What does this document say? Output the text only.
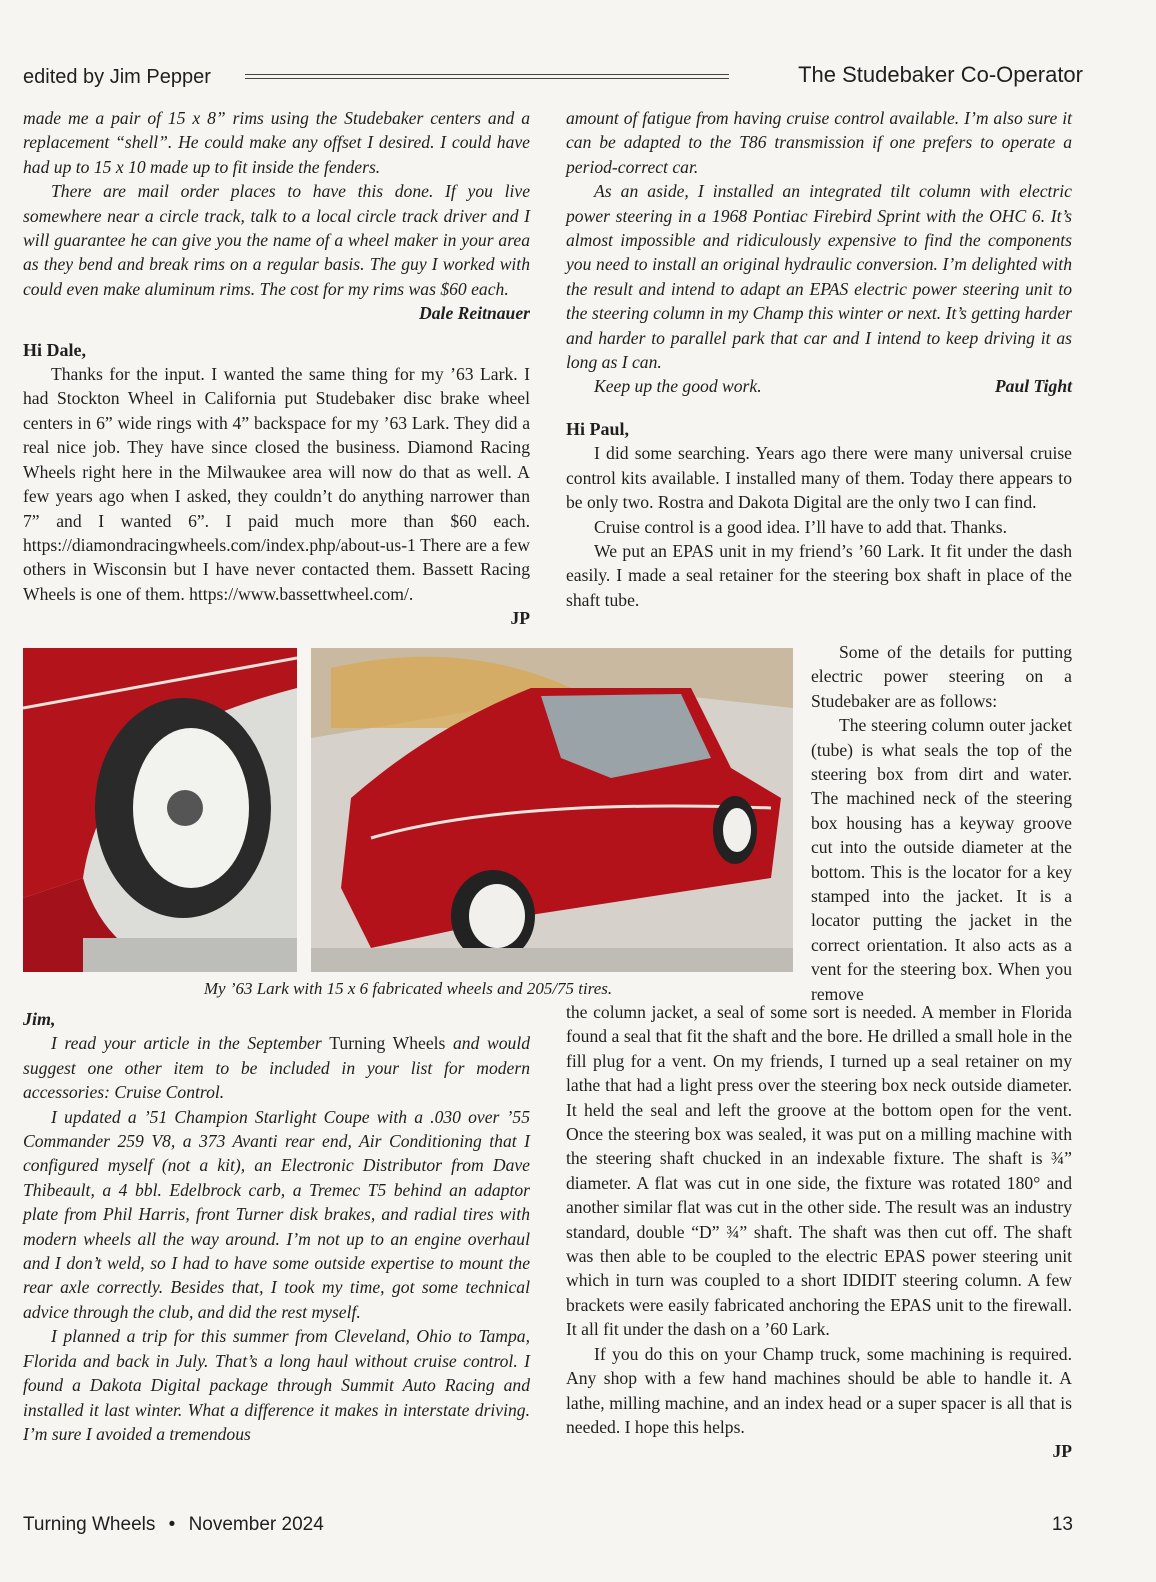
edited by Jim Pepper	The Studebaker Co-Operator

made me a pair of 15 x 8” rims using the Studebaker centers and a replacement “shell”. He could make any offset I desired. I could have had up to 15 x 10 made up to fit inside the fenders.

There are mail order places to have this done. If you live somewhere near a circle track, talk to a local circle track driver and I will guarantee he can give you the name of a wheel maker in your area as they bend and break rims on a regular basis. The guy I worked with could even make aluminum rims. The cost for my rims was $60 each.

Dale Reitnauer

Hi Dale,

Thanks for the input. I wanted the same thing for my ’63 Lark. I had Stockton Wheel in California put Studebaker disc brake wheel centers in 6” wide rings with 4” backspace for my ’63 Lark. They did a real nice job. They have since closed the business. Diamond Racing Wheels right here in the Milwaukee area will now do that as well. A few years ago when I asked, they couldn’t do anything narrower than 7” and I wanted 6”. I paid much more than $60 each. https://diamondracingwheels.com/index.php/about-us-1 There are a few others in Wisconsin but I have never contacted them. Bassett Racing Wheels is one of them. https://www.bassettwheel.com/.

JP

amount of fatigue from having cruise control available. I’m also sure it can be adapted to the T86 transmission if one prefers to operate a period-correct car.

As an aside, I installed an integrated tilt column with electric power steering in a 1968 Pontiac Firebird Sprint with the OHC 6. It’s almost impossible and ridiculously expensive to find the components you need to install an original hydraulic conversion. I’m delighted with the result and intend to adapt an EPAS electric power steering unit to the steering column in my Champ this winter or next. It’s getting harder and harder to parallel park that car and I intend to keep driving it as long as I can.

Keep up the good work.	Paul Tight

Hi Paul,

I did some searching. Years ago there were many universal cruise control kits available. I installed many of them. Today there appears to be only two. Rostra and Dakota Digital are the only two I can find.

Cruise control is a good idea. I’ll have to add that. Thanks.

We put an EPAS unit in my friend’s ’60 Lark. It fit under the dash easily. I made a seal retainer for the steering box shaft in place of the shaft tube.

Some of the details for putting electric power steering on a Studebaker are as follows:

The steering column outer jacket (tube) is what seals the top of the steering box from dirt and water. The machined neck of the steering box housing has a keyway groove cut into the outside diameter at the bottom. This is the locator for a key stamped into the jacket. It is a locator putting the jacket in the correct orientation. It also acts as a vent for the steering box. When you remove

My ’63 Lark with 15 x 6 fabricated wheels and 205/75 tires.

Jim,

I read your article in the September Turning Wheels and would suggest one other item to be included in your list for modern accessories: Cruise Control.

I updated a ’51 Champion Starlight Coupe with a .030 over ’55 Commander 259 V8, a 373 Avanti rear end, Air Conditioning that I configured myself (not a kit), an Electronic Distributor from Dave Thibeault, a 4 bbl. Edelbrock carb, a Tremec T5 behind an adaptor plate from Phil Harris, front Turner disk brakes, and radial tires with modern wheels all the way around. I’m not up to an engine overhaul and I don’t weld, so I had to have some outside expertise to mount the rear axle correctly. Besides that, I took my time, got some technical advice through the club, and did the rest myself.

I planned a trip for this summer from Cleveland, Ohio to Tampa, Florida and back in July. That’s a long haul without cruise control. I found a Dakota Digital package through Summit Auto Racing and installed it last winter. What a difference it makes in interstate driving. I’m sure I avoided a tremendous

the column jacket, a seal of some sort is needed. A member in Florida found a seal that fit the shaft and the bore. He drilled a small hole in the fill plug for a vent. On my friends, I turned up a seal retainer on my lathe that had a light press over the steering box neck outside diameter. It held the seal and left the groove at the bottom open for the vent. Once the steering box was sealed, it was put on a milling machine with the steering shaft chucked in an indexable fixture. The shaft is ¾” diameter. A flat was cut in one side, the fixture was rotated 180° and another similar flat was cut in the other side. The result was an industry standard, double “D” ¾” shaft. The shaft was then cut off. The shaft was then able to be coupled to the electric EPAS power steering unit which in turn was coupled to a short IDIDIT steering column. A few brackets were easily fabricated anchoring the EPAS unit to the firewall. It all fit under the dash on a ’60 Lark.

If you do this on your Champ truck, some machining is required. Any shop with a few hand machines should be able to handle it. A lathe, milling machine, and an index head or a super spacer is all that is needed. I hope this helps.

JP

Turning Wheels • November 2024	13
